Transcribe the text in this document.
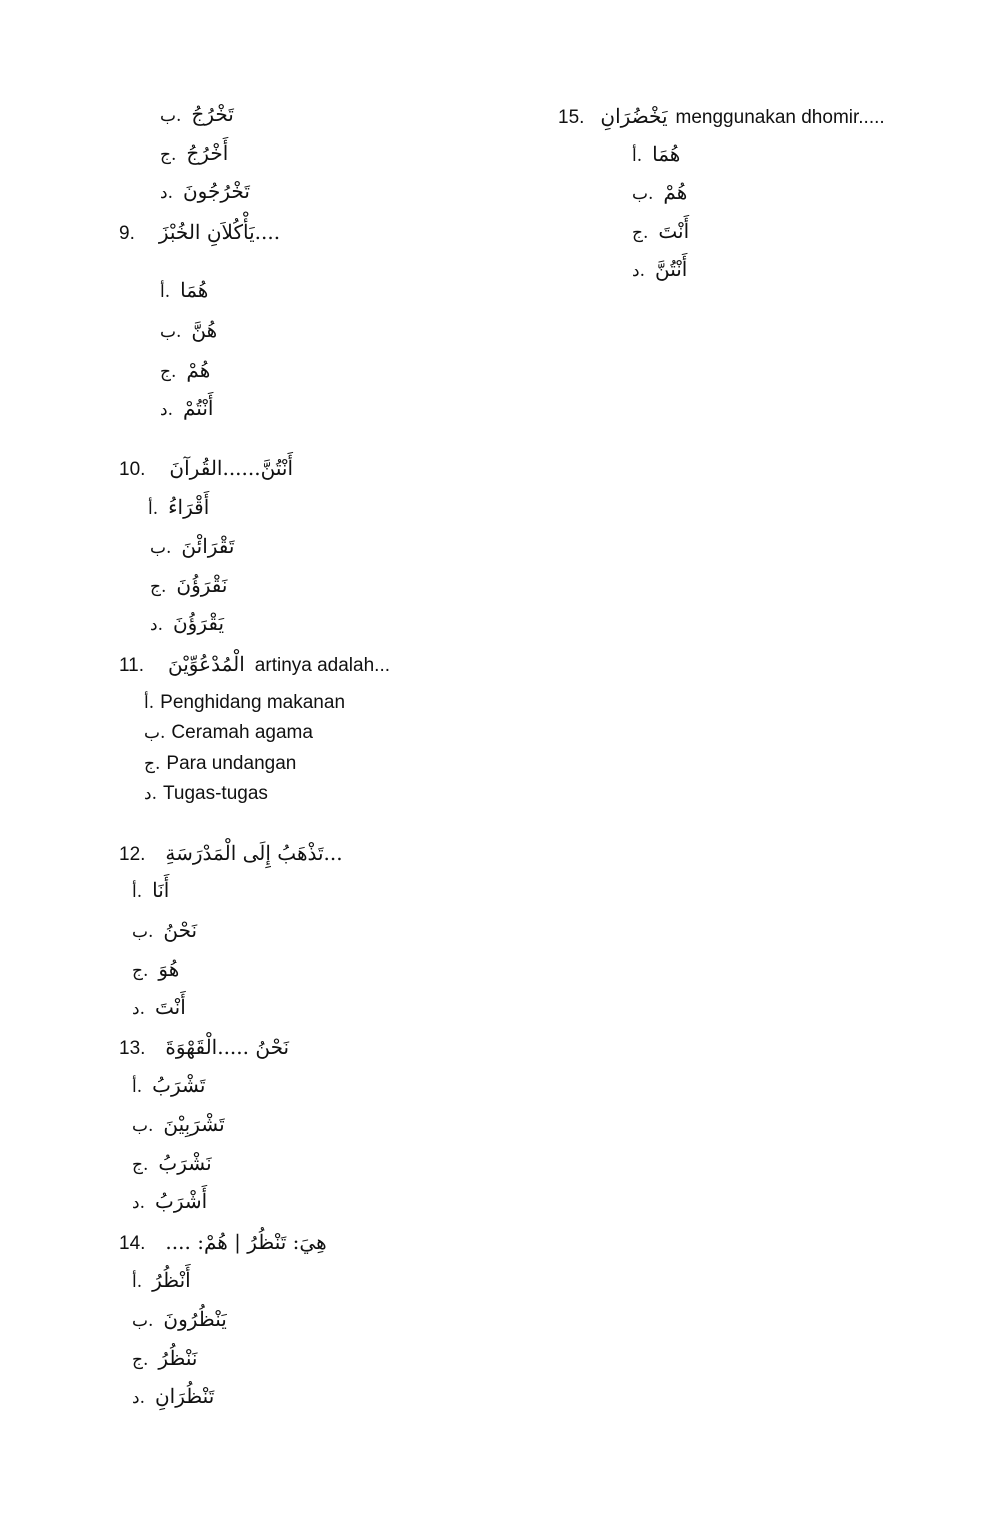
ب. تَخْرُجُ
ج. أَخْرُجُ
د. تَخْرُجُونَ
9. ....يَأْكُلاَنِ الخُبْزَ
أ. هُمَا
ب. هُنَّ
ج. هُمْ
د. أَنْتُمْ
10. أَنْتُنَّ......القُرآنَ
أ. أَقْرَاءُ
ب. تَقْرَائْنَ
ج. نَقْرَؤُنَ
د. يَقْرَؤُنَ
11. الْمُدْعُوِّيْنَ artinya adalah...
أ. Penghidang makanan
ب. Ceramah agama
ج. Para undangan
د. Tugas-tugas
12. ...تَذْهَبُ إِلَى الْمَدْرَسَةِ
أ. أَنَا
ب. نَحْنُ
ج. هُوَ
د. أَنْتَ
13. نَحْنُ .....الْقَهْوَةَ
أ. تَشْرَبُ
ب. تَشْرَبِيْنَ
ج. نَشْرَبُ
د. أَشْرَبُ
14. هِيَ: تَنْظُرُ | هُمْ: ....
أ. أَنْظُرُ
ب. يَنْظُرُونَ
ج. نَنْظُرُ
د. تَنْظُرَانِ
15. يَخْضُرَانِ menggunakan dhomir.....
أ. هُمَا
ب. هُمْ
ج. أَنْتَ
د. أَنْتُنَّ
